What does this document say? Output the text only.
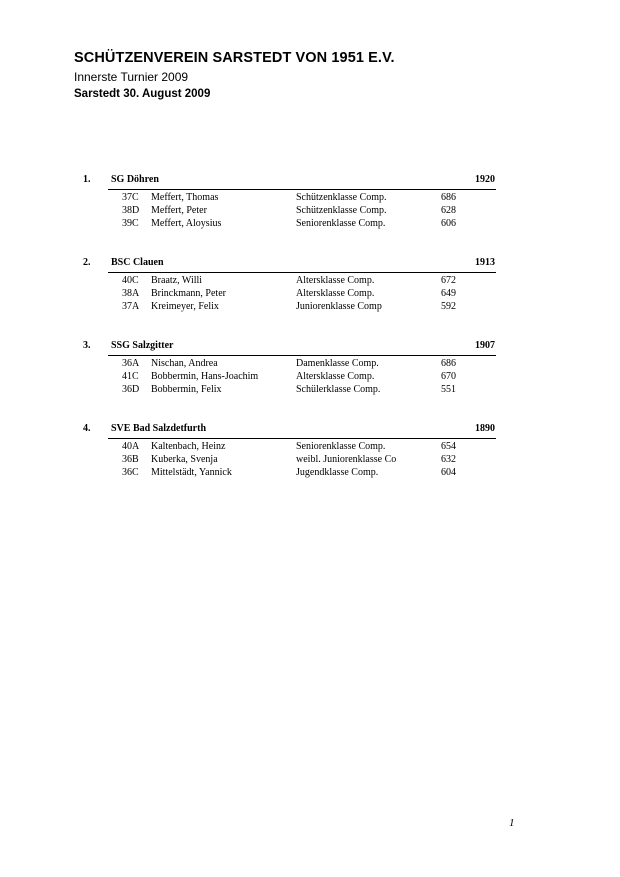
SCHÜTZENVEREIN SARSTEDT VON 1951 E.V.
Innerste Turnier 2009
Sarstedt 30. August 2009
1.	SG Döhren	1920
37C Meffert, Thomas	Schützenklasse Comp.	686
38D Meffert, Peter	Schützenklasse Comp.	628
39C Meffert, Aloysius	Seniorenklasse Comp.	606
2.	BSC Clauen	1913
40C Braatz, Willi	Altersklasse Comp.	672
38A Brinckmann, Peter	Altersklasse Comp.	649
37A Kreimeyer, Felix	Juniorenklasse Comp	592
3.	SSG Salzgitter	1907
36A Nischan, Andrea	Damenklasse Comp.	686
41C Bobbermin, Hans-Joachim	Altersklasse Comp.	670
36D Bobbermin, Felix	Schülerklasse Comp.	551
4.	SVE Bad Salzdetfurth	1890
40A Kaltenbach, Heinz	Seniorenklasse Comp.	654
36B Kuberka, Svenja	weibl. Juniorenklasse Co	632
36C Mittelstädt, Yannick	Jugendklasse Comp.	604
1
